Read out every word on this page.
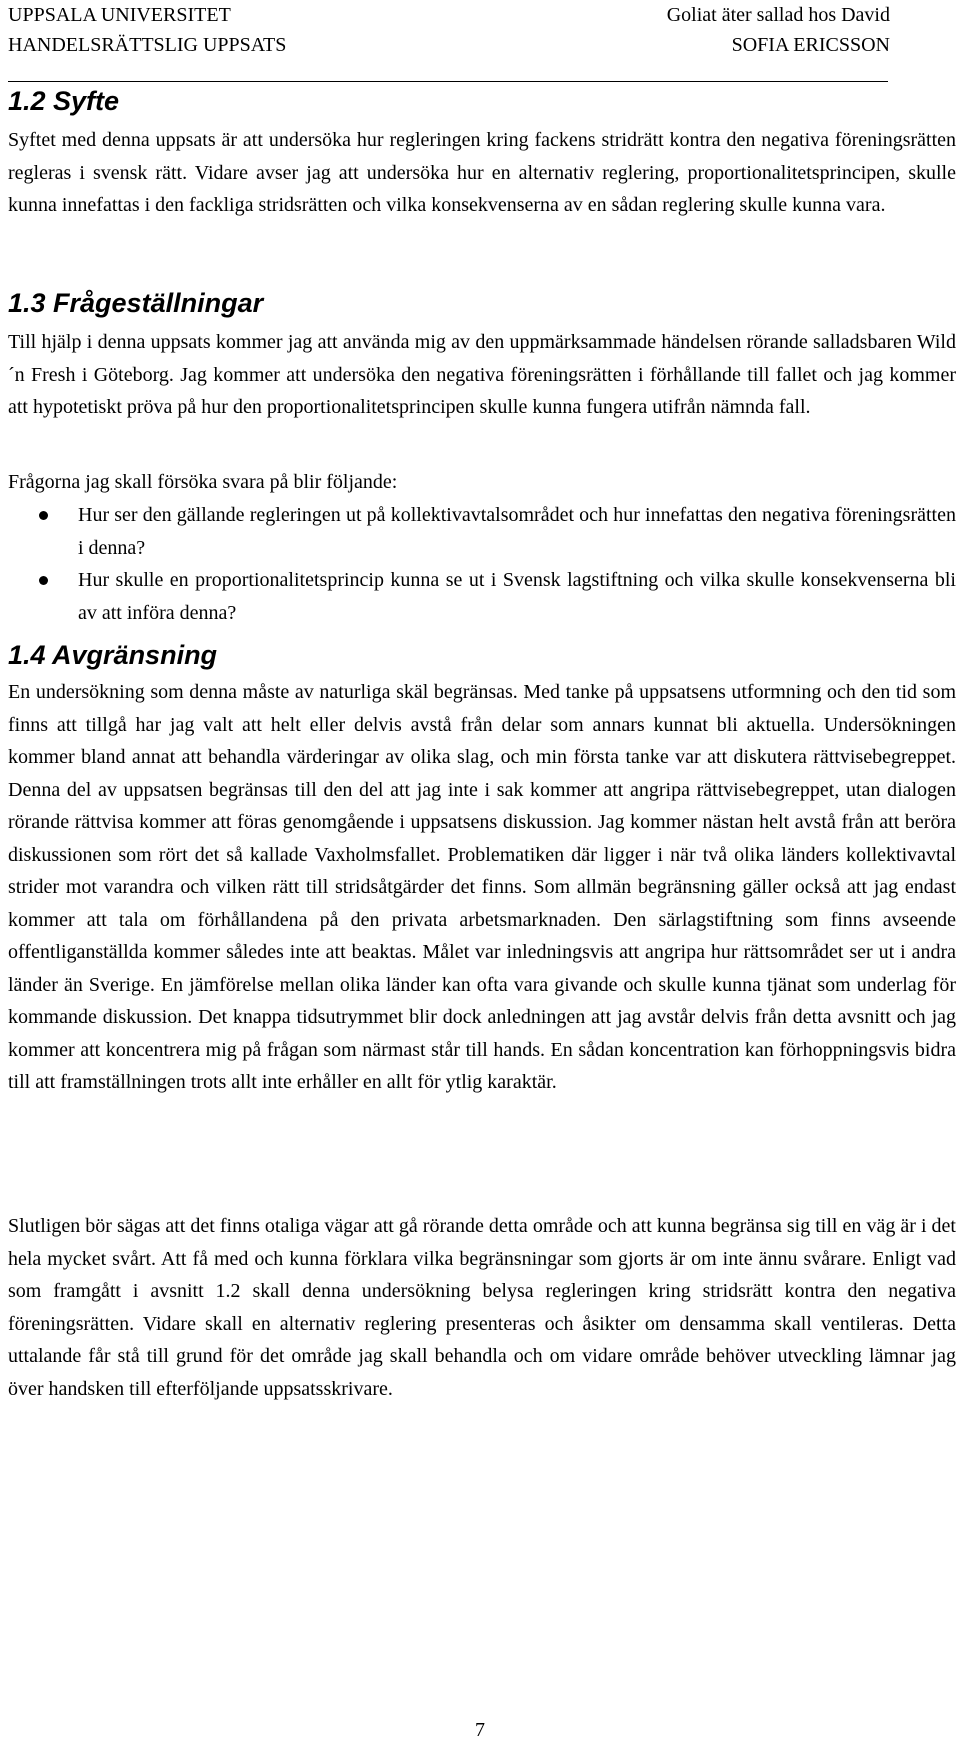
UPPSALA UNIVERSITET
HANDELSRÄTTSLIG UPPSATS
Goliat äter sallad hos David
SOFIA ERICSSON
1.2 Syfte

Syftet med denna uppsats är att undersöka hur regleringen kring fackens stridrätt kontra den negativa föreningsrätten regleras i svensk rätt. Vidare avser jag att undersöka hur en alternativ reglering, proportionalitetsprincipen, skulle kunna innefattas i den fackliga stridsrätten och vilka konsekvenserna av en sådan reglering skulle kunna vara.

1.3 Frågeställningar

Till hjälp i denna uppsats kommer jag att använda mig av den uppmärksammade händelsen rörande salladsbaren Wild´n Fresh i Göteborg. Jag kommer att undersöka den negativa föreningsrätten i förhållande till fallet och jag kommer att hypotetiskt pröva på hur den proportionalitetsprincipen skulle kunna fungera utifrån nämnda fall.

Frågorna jag skall försöka svara på blir följande:

Hur ser den gällande regleringen ut på kollektivavtalsområdet och hur innefattas den negativa föreningsrätten i denna?
Hur skulle en proportionalitetsprincip kunna se ut i Svensk lagstiftning och vilka skulle konsekvenserna bli av att införa denna?
1.4 Avgränsning

En undersökning som denna måste av naturliga skäl begränsas. Med tanke på uppsatsens utformning och den tid som finns att tillgå har jag valt att helt eller delvis avstå från delar som annars kunnat bli aktuella. Undersökningen kommer bland annat att behandla värderingar av olika slag, och min första tanke var att diskutera rättvisebegreppet. Denna del av uppsatsen begränsas till den del att jag inte i sak kommer att angripa rättvisebegreppet, utan dialogen rörande rättvisa kommer att föras genomgående i uppsatsens diskussion. Jag kommer nästan helt avstå från att beröra diskussionen som rört det så kallade Vaxholmsfallet. Problematiken där ligger i när två olika länders kollektivavtal strider mot varandra och vilken rätt till stridsåtgärder det finns. Som allmän begränsning gäller också att jag endast kommer att tala om förhållandena på den privata arbetsmarknaden. Den särlagstiftning som finns avseende offentliganställda kommer således inte att beaktas. Målet var inledningsvis att angripa hur rättsområdet ser ut i andra länder än Sverige. En jämförelse mellan olika länder kan ofta vara givande och skulle kunna tjänat som underlag för kommande diskussion. Det knappa tidsutrymmet blir dock anledningen att jag avstår delvis från detta avsnitt och jag kommer att koncentrera mig på frågan som närmast står till hands. En sådan koncentration kan förhoppningsvis bidra till att framställningen trots allt inte erhåller en allt för ytlig karaktär.

Slutligen bör sägas att det finns otaliga vägar att gå rörande detta område och att kunna begränsa sig till en väg är i det hela mycket svårt. Att få med och kunna förklara vilka begränsningar som gjorts är om inte ännu svårare. Enligt vad som framgått i avsnitt 1.2 skall denna undersökning belysa regleringen kring stridsrätt kontra den negativa föreningsrätten. Vidare skall en alternativ reglering presenteras och åsikter om densamma skall ventileras. Detta uttalande får stå till grund för det område jag skall behandla och om vidare område behöver utveckling lämnar jag över handsken till efterföljande uppsatsskrivare.

7
